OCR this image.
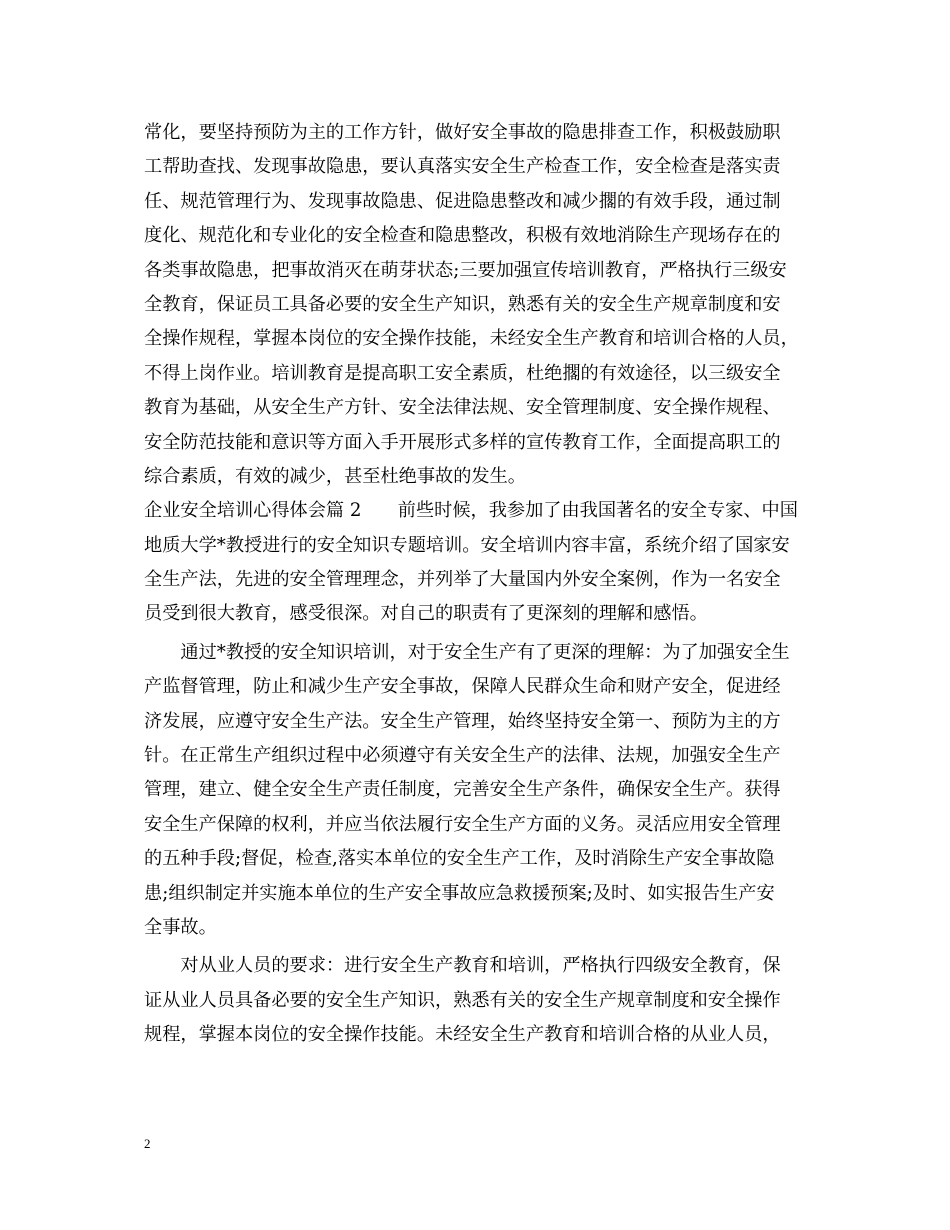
常化，要坚持预防为主的工作方针，做好安全事故的隐患排查工作，积极鼓励职
工帮助查找、发现事故隐患，要认真落实安全生产检查工作，安全检查是落实责
任、规范管理行为、发现事故隐患、促进隐患整改和减少擱的有效手段，通过制
度化、规范化和专业化的安全检查和隐患整改，积极有效地消除生产现场存在的
各类事故隐患，把事故消灭在萌芽状态;三要加强宣传培训教育，严格执行三级安
全教育，保证员工具备必要的安全生产知识，熟悉有关的安全生产规章制度和安
全操作规程，掌握本岗位的安全操作技能，未经安全生产教育和培训合格的人员，
不得上岗作业。培训教育是提高职工安全素质，杜绝擱的有效途径，以三级安全
教育为基础，从安全生产方针、安全法律法规、安全管理制度、安全操作规程、
安全防范技能和意识等方面入手开展形式多样的宣传教育工作，全面提高职工的
综合素质，有效的减少，甚至杜绝事故的发生。
企业安全培训心得体会篇 2　　前些时候，我参加了由我国著名的安全专家、中国
地质大学*教授进行的安全知识专题培训。安全培训内容丰富，系统介绍了国家安
全生产法，先进的安全管理理念，并列举了大量国内外安全案例，作为一名安全
员受到很大教育，感受很深。对自己的职责有了更深刻的理解和感悟。
　　通过*教授的安全知识培训，对于安全生产有了更深的理解：为了加强安全生
产监督管理，防止和减少生产安全事故，保障人民群众生命和财产安全，促进经
济发展，应遵守安全生产法。安全生产管理，始终坚持安全第一、预防为主的方
针。在正常生产组织过程中必须遵守有关安全生产的法律、法规，加强安全生产
管理，建立、健全安全生产责任制度，完善安全生产条件，确保安全生产。获得
安全生产保障的权利，并应当依法履行安全生产方面的义务。灵活应用安全管理
的五种手段;督促，检查,落实本单位的安全生产工作，及时消除生产安全事故隐
患;组织制定并实施本单位的生产安全事故应急救援预案;及时、如实报告生产安
全事故。
　　对从业人员的要求：进行安全生产教育和培训，严格执行四级安全教育，保
证从业人员具备必要的安全生产知识，熟悉有关的安全生产规章制度和安全操作
规程，掌握本岗位的安全操作技能。未经安全生产教育和培训合格的从业人员，
2
